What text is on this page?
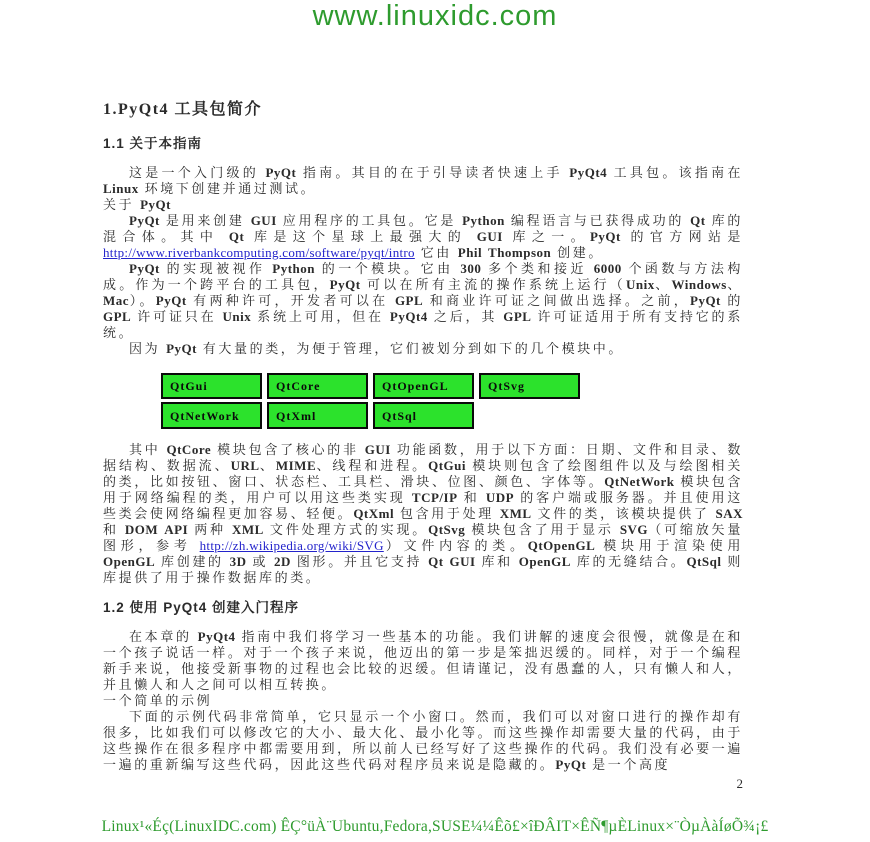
www.linuxidc.com
1.PyQt4 工具包简介
1.1 关于本指南

这是一个入门级的 PyQt 指南。其目的在于引导读者快速上手 PyQt4 工具包。该指南在 Linux 环境下创建并通过测试。

关于 PyQt

PyQt 是用来创建 GUI 应用程序的工具包。它是 Python 编程语言与已获得成功的 Qt 库的混合体。其中 Qt 库是这个星球上最强大的 GUI 库之一。PyQt 的官方网站是 http://www.riverbankcomputing.com/software/pyqt/intro 它由 Phil Thompson 创建。

PyQt 的实现被视作 Python 的一个模块。它由 300 多个类和接近 6000 个函数与方法构成。作为一个跨平台的工具包，PyQt 可以在所有主流的操作系统上运行（Unix、Windows、Mac）。PyQt 有两种许可，开发者可以在 GPL 和商业许可证之间做出选择。之前，PyQt 的 GPL 许可证只在 Unix 系统上可用，但在 PyQt4 之后，其 GPL 许可证适用于所有支持它的系统。

因为 PyQt 有大量的类，为便于管理，它们被划分到如下的几个模块中。

QtGui	QtCore	QtOpenGL	QtSvg
QtNetWork	QtXml	QtSql

其中 QtCore 模块包含了核心的非 GUI 功能函数，用于以下方面：日期、文件和目录、数据结构、数据流、URL、MIME、线程和进程。QtGui 模块则包含了绘图组件以及与绘图相关的类，比如按钮、窗口、状态栏、工具栏、滑块、位图、颜色、字体等。QtNetWork 模块包含用于网络编程的类，用户可以用这些类实现 TCP/IP 和 UDP 的客户端或服务器。并且使用这些类会使网络编程更加容易、轻便。QtXml 包含用于处理 XML 文件的类，该模块提供了 SAX 和 DOM API 两种 XML 文件处理方式的实现。QtSvg 模块包含了用于显示 SVG（可缩放矢量图形，参考 http://zh.wikipedia.org/wiki/SVG）文件内容的类。QtOpenGL 模块用于渲染使用 OpenGL 库创建的 3D 或 2D 图形。并且它支持 Qt GUI 库和 OpenGL 库的无缝结合。QtSql 则库提供了用于操作数据库的类。

1.2 使用 PyQt4 创建入门程序

在本章的 PyQt4 指南中我们将学习一些基本的功能。我们讲解的速度会很慢，就像是在和一个孩子说话一样。对于一个孩子来说，他迈出的第一步是笨拙迟缓的。同样，对于一个编程新手来说，他接受新事物的过程也会比较的迟缓。但请谨记，没有愚蠢的人，只有懒人和人，并且懒人和人之间可以相互转换。

一个简单的示例

下面的示例代码非常简单，它只显示一个小窗口。然而，我们可以对窗口进行的操作却有很多，比如我们可以修改它的大小、最大化、最小化等。而这些操作却需要大量的代码，由于这些操作在很多程序中都需要用到，所以前人已经写好了这些操作的代码。我们没有必要一遍一遍的重新编写这些代码，因此这些代码对程序员来说是隐藏的。PyQt 是一个高度

2
Linux¹«Éç(LinuxIDC.com) ÊÇ°üÀ¨Ubuntu,Fedora,SUSE¼¼Êõ£×îÐÂIT×ÊÑ¶µÈLinux×¨ÒµÀàÍøÕ¾¡£
